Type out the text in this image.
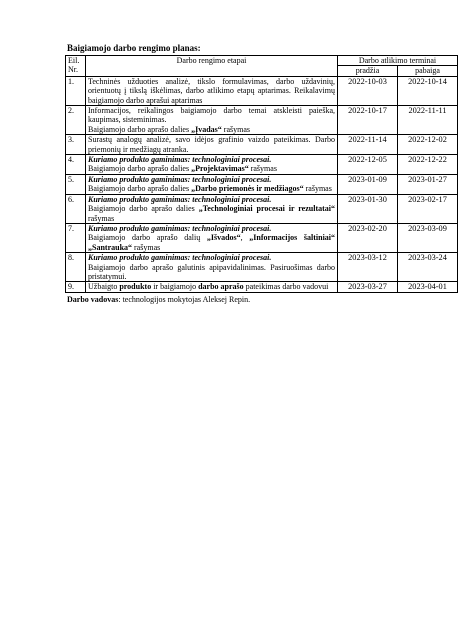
Baigiamojo darbo rengimo planas:
Eil. Nr.	Darbo rengimo etapai	Darbo atlikimo terminai	
		pradžia	pabaiga
1.	Techninės užduoties analizė, tikslo formulavimas, darbo uždavinių, orientuotų į tikslą iškėlimas, darbo atlikimo etapų aptarimas. Reikalavimų baigiamojo darbo aprašui aptarimas	2022-10-03	2022-10-14
2.	Informacijos, reikalingos baigiamojo darbo temai atskleisti paieška, kaupimas, sisteminimas.
Baigiamojo darbo aprašo dalies „Įvadas“ rašymas	2022-10-17	2022-11-11
3.	Surastų analogų analizė, savo idėjos grafinio vaizdo pateikimas. Darbo priemonių ir medžiagų atranka.	2022-11-14	2022-12-02
4.	Kuriamo produkto gaminimas: technologiniai procesai.
Baigiamojo darbo aprašo dalies „Projektavimas“ rašymas	2022-12-05	2022-12-22
5.	Kuriamo produkto gaminimas: technologiniai procesai.
Baigiamojo darbo aprašo dalies „Darbo priemonės ir medžiagos“ rašymas	2023-01-09	2023-01-27
6.	Kuriamo produkto gaminimas: technologiniai procesai.
Baigiamojo darbo aprašo dalies „Technologiniai procesai ir rezultatai“ rašymas	2023-01-30	2023-02-17
7.	Kuriamo produkto gaminimas: technologiniai procesai.
Baigiamojo darbo aprašo dalių „Išvados“, „Informacijos šaltiniai“ „Santrauka“ rašymas	2023-02-20	2023-03-09
8.	Kuriamo produkto gaminimas: technologiniai procesai.
Baigiamojo darbo aprašo galutinis apipavidalinimas. Pasiruošimas darbo pristatymui.	2023-03-12	2023-03-24
9.	Užbaigto produkto ir baigiamojo darbo aprašo pateikimas darbo vadovui	2023-03-27	2023-04-01
Darbo vadovas: technologijos mokytojas Aleksej Repin.
